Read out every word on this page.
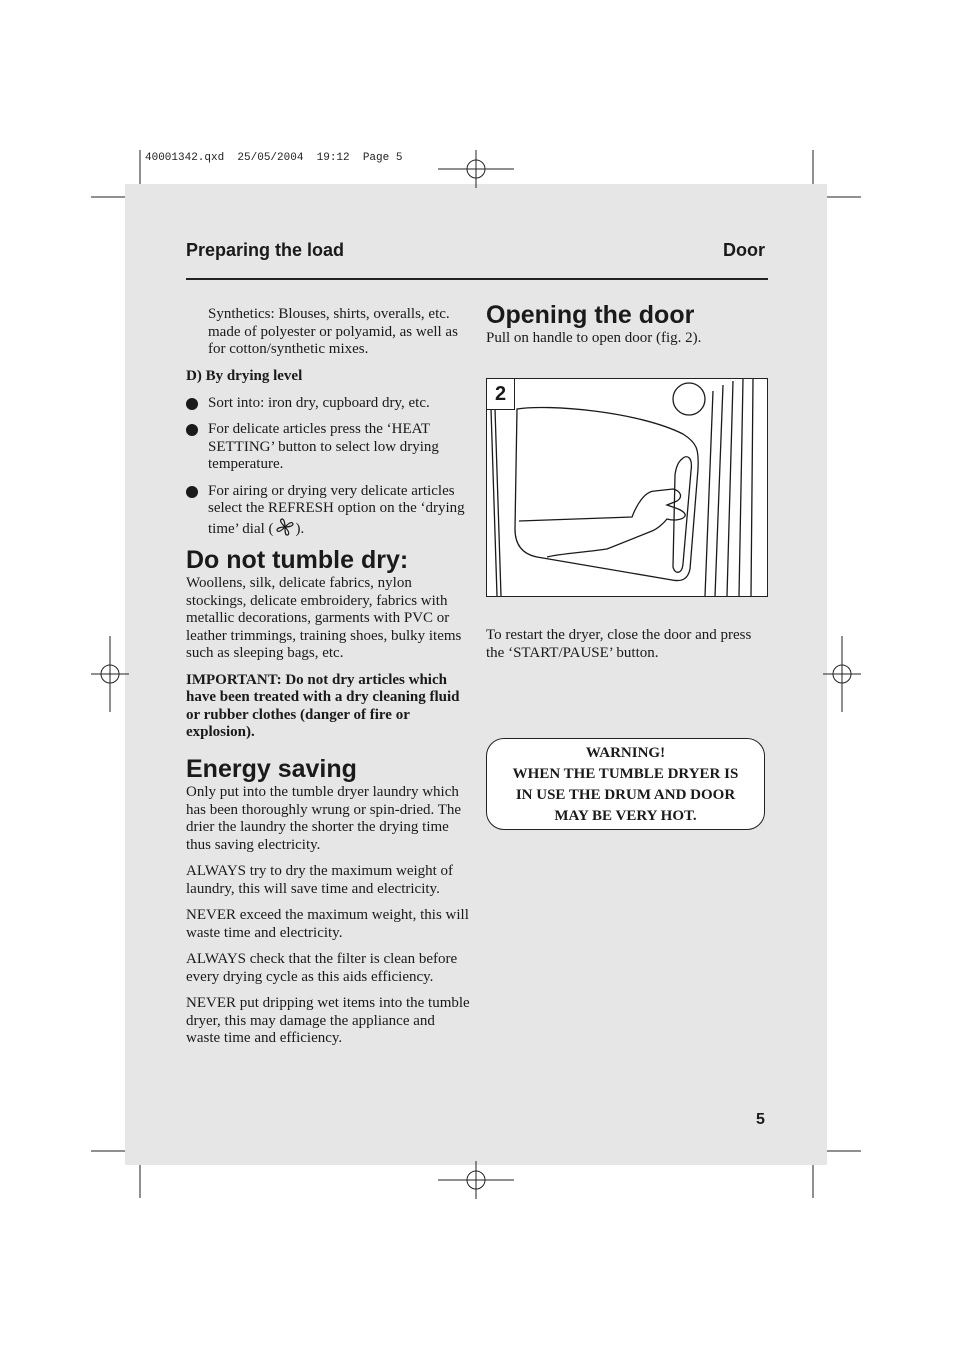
40001342.qxd  25/05/2004  19:12  Page 5
Preparing the load	Door

Synthetics: Blouses, shirts, overalls, etc. made of polyester or polyamid, as well as for cotton/synthetic mixes.

D) By drying level

Sort into: iron dry, cupboard dry, etc.
For delicate articles press the ‘HEAT SETTING’ button to select low drying temperature.
For airing or drying very delicate articles select the REFRESH option on the ‘drying time’ dial ( ).
Do not tumble dry:

Woollens, silk, delicate fabrics, nylon stockings, delicate embroidery, fabrics with metallic decorations, garments with PVC or leather trimmings, training shoes, bulky items such as sleeping bags, etc.

IMPORTANT: Do not dry articles which have been treated with a dry cleaning fluid or rubber clothes (danger of fire or explosion).

Energy saving

Only put into the tumble dryer laundry which has been thoroughly wrung or spin-dried. The drier the laundry the shorter the drying time thus saving electricity.

ALWAYS try to dry the maximum weight of laundry, this will save time and electricity.

NEVER exceed the maximum weight, this will waste time and electricity.

ALWAYS check that the filter is clean before every drying cycle as this aids efficiency.

NEVER put dripping wet items into the tumble dryer, this may damage the appliance and waste time and efficiency.

Opening the door

Pull on handle to open door (fig. 2).

2

To restart the dryer, close the door and press the ‘START/PAUSE’ button.

WARNING!
WHEN THE TUMBLE DRYER IS
IN USE THE DRUM AND DOOR
MAY BE VERY HOT.
5
